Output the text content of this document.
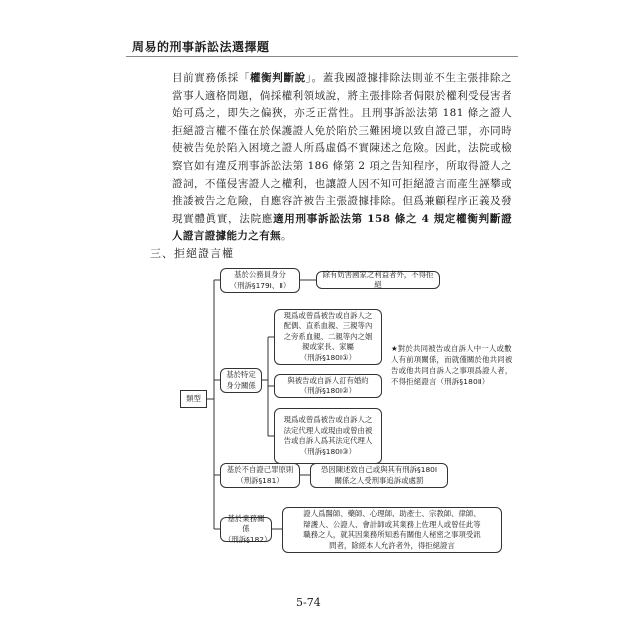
周易的刑事訴訟法選擇題
目前實務係採「權衡判斷說」。蓋我國證據排除法則並不生主張排除之當事人適格問題，倘採權利領域說，將主張排除者侷限於權利受侵害者始可爲之，即失之偏狹，亦乏正當性。且刑事訴訟法第 181 條之證人拒絕證言權不僅在於保護證人免於陷於三難困境以致自證己罪，亦同時使被告免於陷入困境之證人所爲虛僞不實陳述之危險。因此，法院或檢察官如有違反刑事訴訟法第 186 條第 2 項之告知程序，所取得證人之證詞，不僅侵害證人之權利，也讓證人因不知可拒絕證言而產生誣攀或推諉被告之危險，自應容許被告主張證據排除。但爲兼顧程序正義及發現實體眞實，法院應適用刑事訴訟法第 158 條之 4 規定權衡判斷證人證言證據能力之有無。
三、拒絕證言權
類型
基於公務員身分
（刑訴§179Ⅰ、Ⅱ）
除有妨害國家之利益者外，不得拒絕
基於特定
身分關係
現爲或曾爲被告或自訴人之
配偶、直系血親、三親等內
之旁系血親、二親等內之姻
親或家長、家屬
（刑訴§180Ⅰ①）
與被告或自訴人訂有婚約
（刑訴§180Ⅰ②）
現爲或曾爲被告或自訴人之
法定代理人或現由或曾由被
告或自訴人爲其法定代理人
（刑訴§180Ⅰ③）
★對於共同被告或自訴人中一人或數人有前項關係，而就僅關於他共同被告或他共同自訴人之事項爲證人者，不得拒絕證言（刑訴§180Ⅱ）
基於不自證己罪原則
（刑訴§181）
恐因陳述致自己或與其有刑訴§180Ⅰ
關係之人受刑事追訴或處罰
基於業務關係
（刑訴§182）
證人爲醫師、藥師、心理師、助產士、宗教師、律師、
辯護人、公證人、會計師或其業務上佐理人或曾任此等
職務之人，就其因業務所知悉有關他人秘密之事項受訊
問者，除經本人允許者外，得拒絕證言
5-74
